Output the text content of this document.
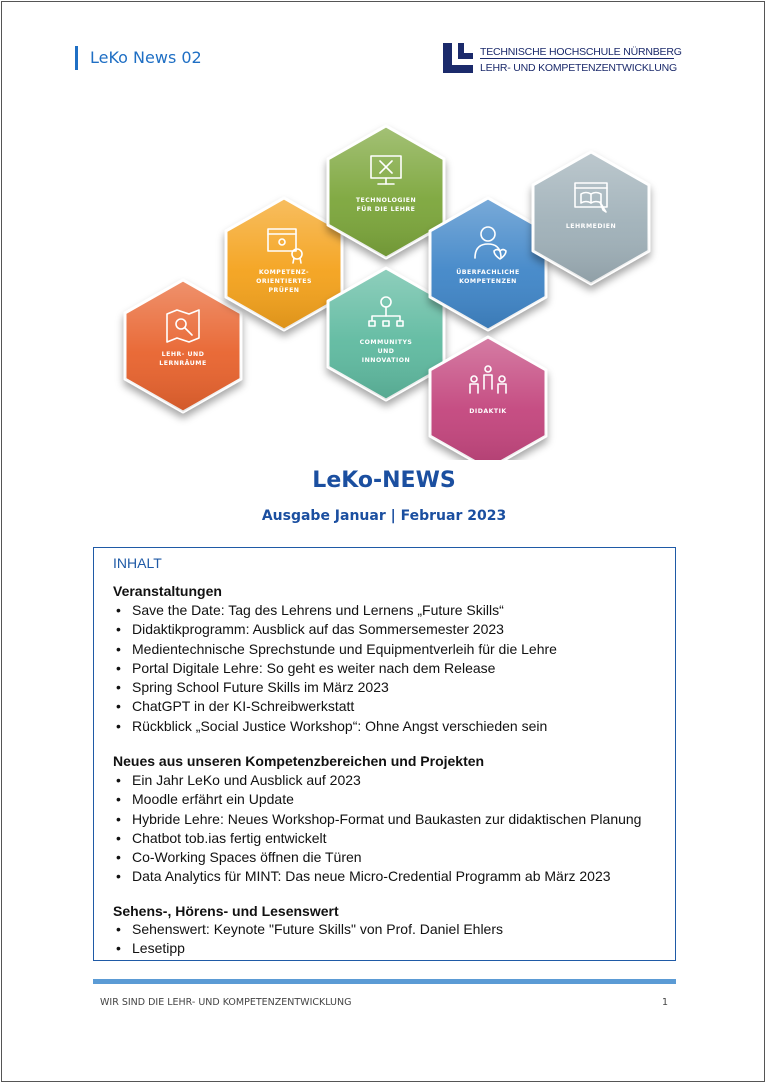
LeKo News 02	TECHNISCHE HOCHSCHULE NÜRNBERG
LEHR- UND KOMPETENZENTWICKLUNG
LEHR- UND
LERNRÄUME
KOMPETENZ-
ORIENTIERTES
PRÜFEN
TECHNOLOGIEN
FÜR DIE LEHRE
COMMUNITYS
UND
INNOVATION
ÜBERFACHLICHE
KOMPETENZEN
DIDAKTIK
LEHRMEDIEN
LeKo-NEWS
Ausgabe Januar | Februar 2023
INHALT
Veranstaltungen
• Save the Date: Tag des Lehrens und Lernens „Future Skills“
• Didaktikprogramm: Ausblick auf das Sommersemester 2023
• Medientechnische Sprechstunde und Equipmentverleih für die Lehre
• Portal Digitale Lehre: So geht es weiter nach dem Release
• Spring School Future Skills im März 2023
• ChatGPT in der KI-Schreibwerkstatt
• Rückblick „Social Justice Workshop“: Ohne Angst verschieden sein
Neues aus unseren Kompetenzbereichen und Projekten
• Ein Jahr LeKo und Ausblick auf 2023
• Moodle erfährt ein Update
• Hybride Lehre: Neues Workshop-Format und Baukasten zur didaktischen Planung
• Chatbot tob.ias fertig entwickelt
• Co-Working Spaces öffnen die Türen
• Data Analytics für MINT: Das neue Micro-Credential Programm ab März 2023
Sehens-, Hörens- und Lesenswert
• Sehenswert: Keynote "Future Skills" von Prof. Daniel Ehlers
• Lesetipp
WIR SIND DIE LEHR- UND KOMPETENZENTWICKLUNG	1
